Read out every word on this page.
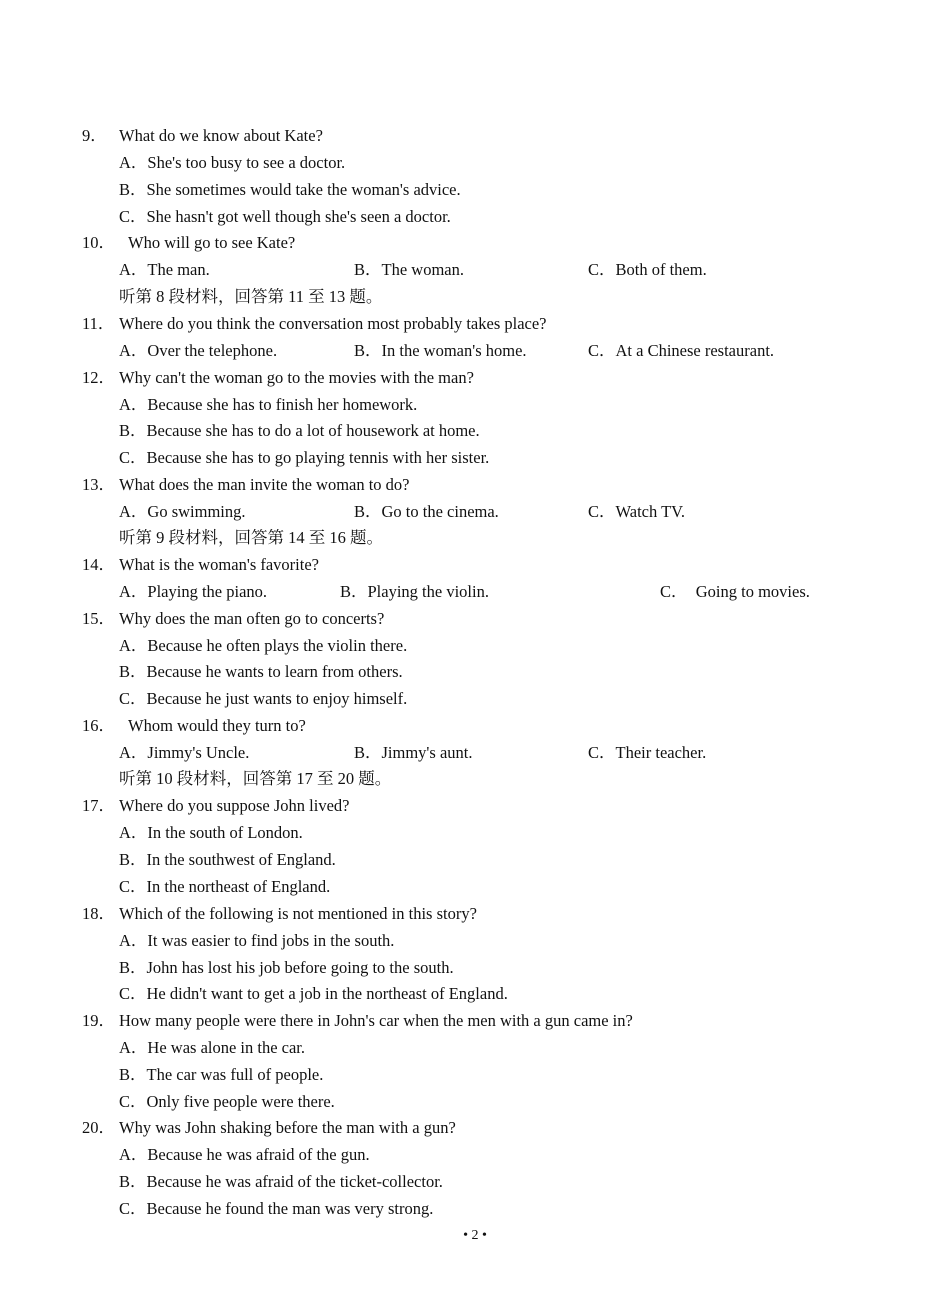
9． What do we know about Kate?
A．She's too busy to see a doctor.
B．She sometimes would take the woman's advice.
C．She hasn't got well though she's seen a doctor.
10． Who will go to see Kate?
A．The man.	B．The woman.	C．Both of them.
听第 8 段材料，回答第 11 至 13 题。
11． Where do you think the conversation most probably takes place?
A．Over the telephone.	B．In the woman's home.	C．At a Chinese restaurant.
12． Why can't the woman go to the movies with the man?
A．Because she has to finish her homework.
B．Because she has to do a lot of housework at home.
C．Because she has to go playing tennis with her sister.
13． What does the man invite the woman to do?
A．Go swimming.	B．Go to the cinema.	C．Watch TV.
听第 9 段材料，回答第 14 至 16 题。
14． What is the woman's favorite?
A．Playing the piano.	B．Playing the violin.	C．　Going to movies.
15． Why does the man often go to concerts?
A．Because he often plays the violin there.
B．Because he wants to learn from others.
C．Because he just wants to enjoy himself.
16． Whom would they turn to?
A．Jimmy's Uncle.	B．Jimmy's aunt.	C．Their teacher.
听第 10 段材料，回答第 17 至 20 题。
17． Where do you suppose John lived?
A．In the south of London.
B．In the southwest of England.
C．In the northeast of England.
18． Which of the following is not mentioned in this story?
A．It was easier to find jobs in the south.
B．John has lost his job before going to the south.
C．He didn't want to get a job in the northeast of England.
19． How many people were there in John's car when the men with a gun came in?
A．He was alone in the car.
B．The car was full of people.
C．Only five people were there.
20． Why was John shaking before the man with a gun?
A．Because he was afraid of the gun.
B．Because he was afraid of the ticket-collector.
C．Because he found the man was very strong.
• 2 •
